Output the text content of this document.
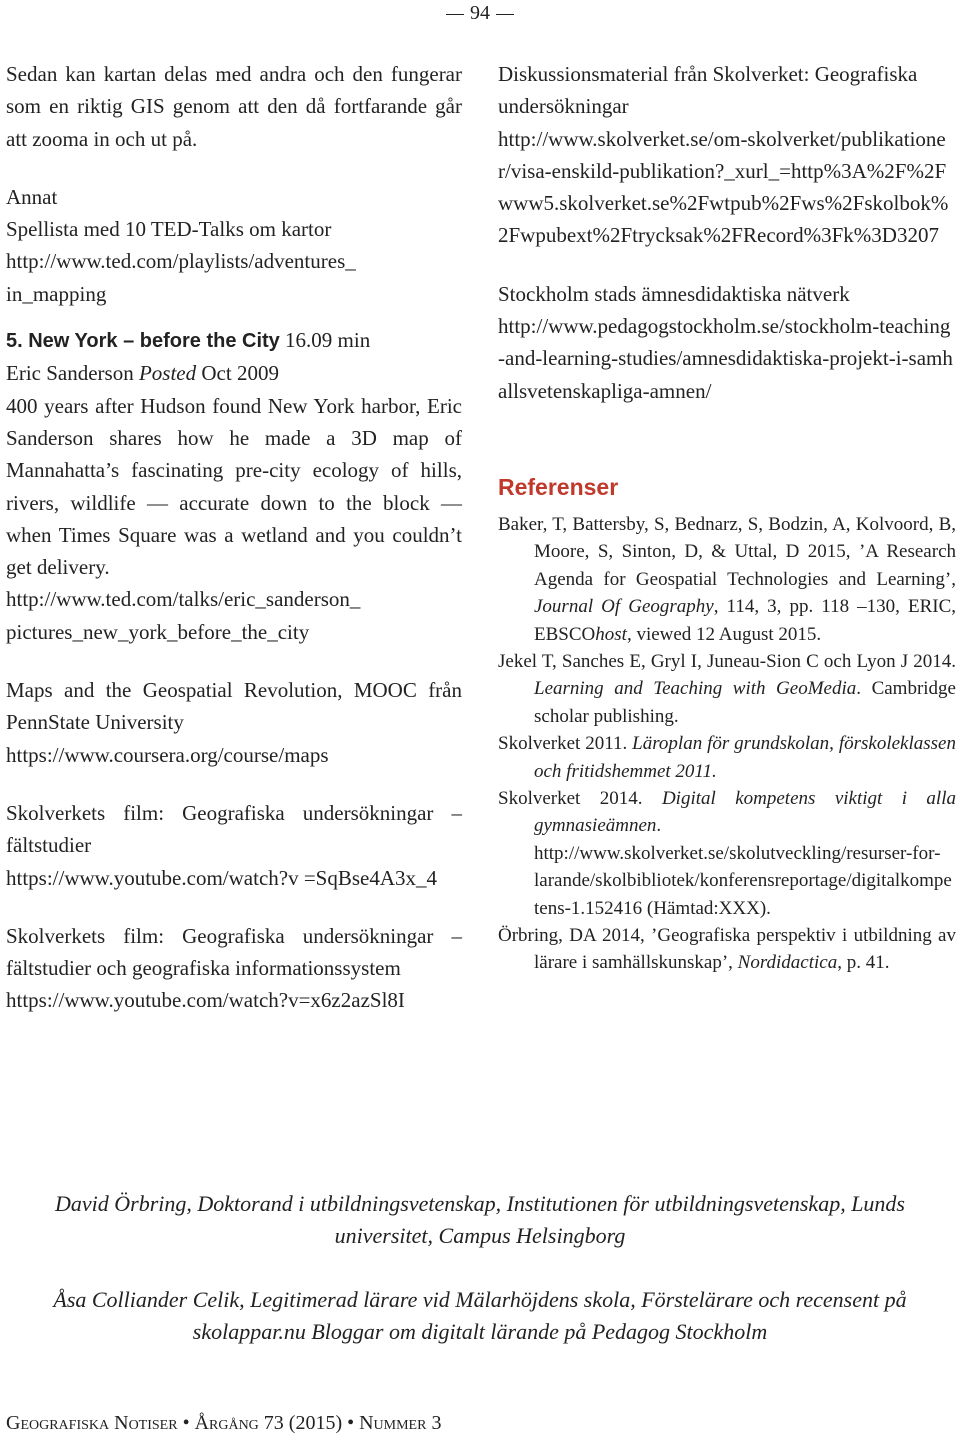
94

Sedan kan kartan delas med andra och den fungerar som en riktig GIS genom att den då fortfarande går att zooma in och ut på.

Annat

Spellista med 10 TED-Talks om kartor

http://www.ted.com/playlists/adventures_
in_mapping

5. New York – before the City 16.09 min

Eric Sanderson Posted Oct 2009

400 years after Hudson found New York harbor, Eric Sanderson shares how he made a 3D map of Mannahatta’s fascinating pre-city ecology of hills, rivers, wildlife — accurate down to the block — when Times Square was a wetland and you couldn’t get delivery.

http://www.ted.com/talks/eric_sanderson_
pictures_new_york_before_the_city

Maps and the Geospatial Revolution, MOOC från PennState University

https://www.coursera.org/course/maps

Skolverkets film: Geografiska undersökningar – fältstudier

https://www.youtube.com/watch?v =SqBse4A3x_4

Skolverkets film: Geografiska undersökningar – fältstudier och geografiska informationssystem

https://www.youtube.com/watch?v=x6z2azSl8I

Diskussionsmaterial från Skolverket: Geografiska undersökningar

http://www.skolverket.se/om-skolverket/publikationer/visa-enskild-publikation?_xurl_=http%3A%2F%2Fwww5.skolverket.se%2Fwtpub%2Fws%2Fskolbok%2Fwpubext%2Ftrycksak%2FRecord%3Fk%3D3207

Stockholm stads ämnesdidaktiska nätverk

http://www.pedagogstockholm.se/stockholm-teaching-and-learning-studies/amnesdidaktiska-projekt-i-samhallsvetenskapliga-amnen/

Referenser

Baker, T, Battersby, S, Bednarz, S, Bodzin, A, Kolvoord, B, Moore, S, Sinton, D, & Uttal, D 2015, ’A Research Agenda for Geospatial Technologies and Learning’, Journal Of Geography, 114, 3, pp. 118 –130, ERIC, EBSCOhost, viewed 12 August 2015.

Jekel T, Sanches E, Gryl I, Juneau-Sion C och Lyon J 2014. Learning and Teaching with GeoMedia. Cambridge scholar publishing.

Skolverket 2011. Läroplan för grundskolan, förskoleklassen och fritidshemmet 2011.

Skolverket 2014. Digital kompetens viktigt i alla gymnasieämnen. http://www.skolverket.se/skolutveckling/resurser-for-larande/skolbibliotek/konferensreportage/digitalkompetens-1.152416 (Hämtad:XXX).

Örbring, DA 2014, ’Geografiska perspektiv i utbildning av lärare i samhällskunskap’, Nordidactica, p. 41.

David Örbring, Doktorand i utbildningsvetenskap, Institutionen för utbildningsvetenskap, Lunds universitet, Campus Helsingborg
Åsa Colliander Celik, Legitimerad lärare vid Mälarhöjdens skola, Förstelärare och recensent på skolappar.nu Bloggar om digitalt lärande på Pedagog Stockholm
Geografiska Notiser • Årgång 73 (2015) • Nummer 3
